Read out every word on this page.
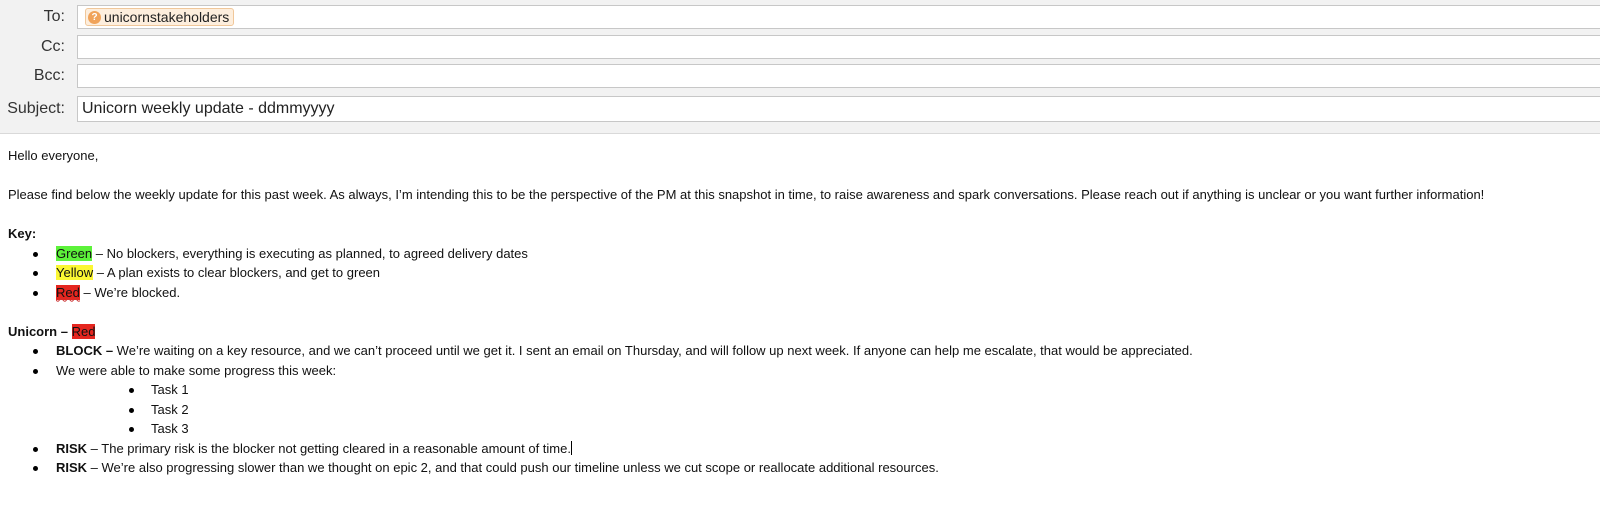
To:	? unicornstakeholders
Cc:
Bcc:
Subject: Unicorn weekly update - ddmmyyyy

Hello everyone,

Please find below the weekly update for this past week. As always, I’m intending this to be the perspective of the PM at this snapshot in time, to raise awareness and spark conversations. Please reach out if anything is unclear or you want further information!

Key:

Green – No blockers, everything is executing as planned, to agreed delivery dates
Yellow – A plan exists to clear blockers, and get to green
Red – We’re blocked.

Unicorn – Red

BLOCK – We’re waiting on a key resource, and we can’t proceed until we get it. I sent an email on Thursday, and will follow up next week. If anyone can help me escalate, that would be appreciated.
We were able to make some progress this week:
Task 1
Task 2
Task 3
RISK – The primary risk is the blocker not getting cleared in a reasonable amount of time.
RISK – We’re also progressing slower than we thought on epic 2, and that could push our timeline unless we cut scope or reallocate additional resources.
